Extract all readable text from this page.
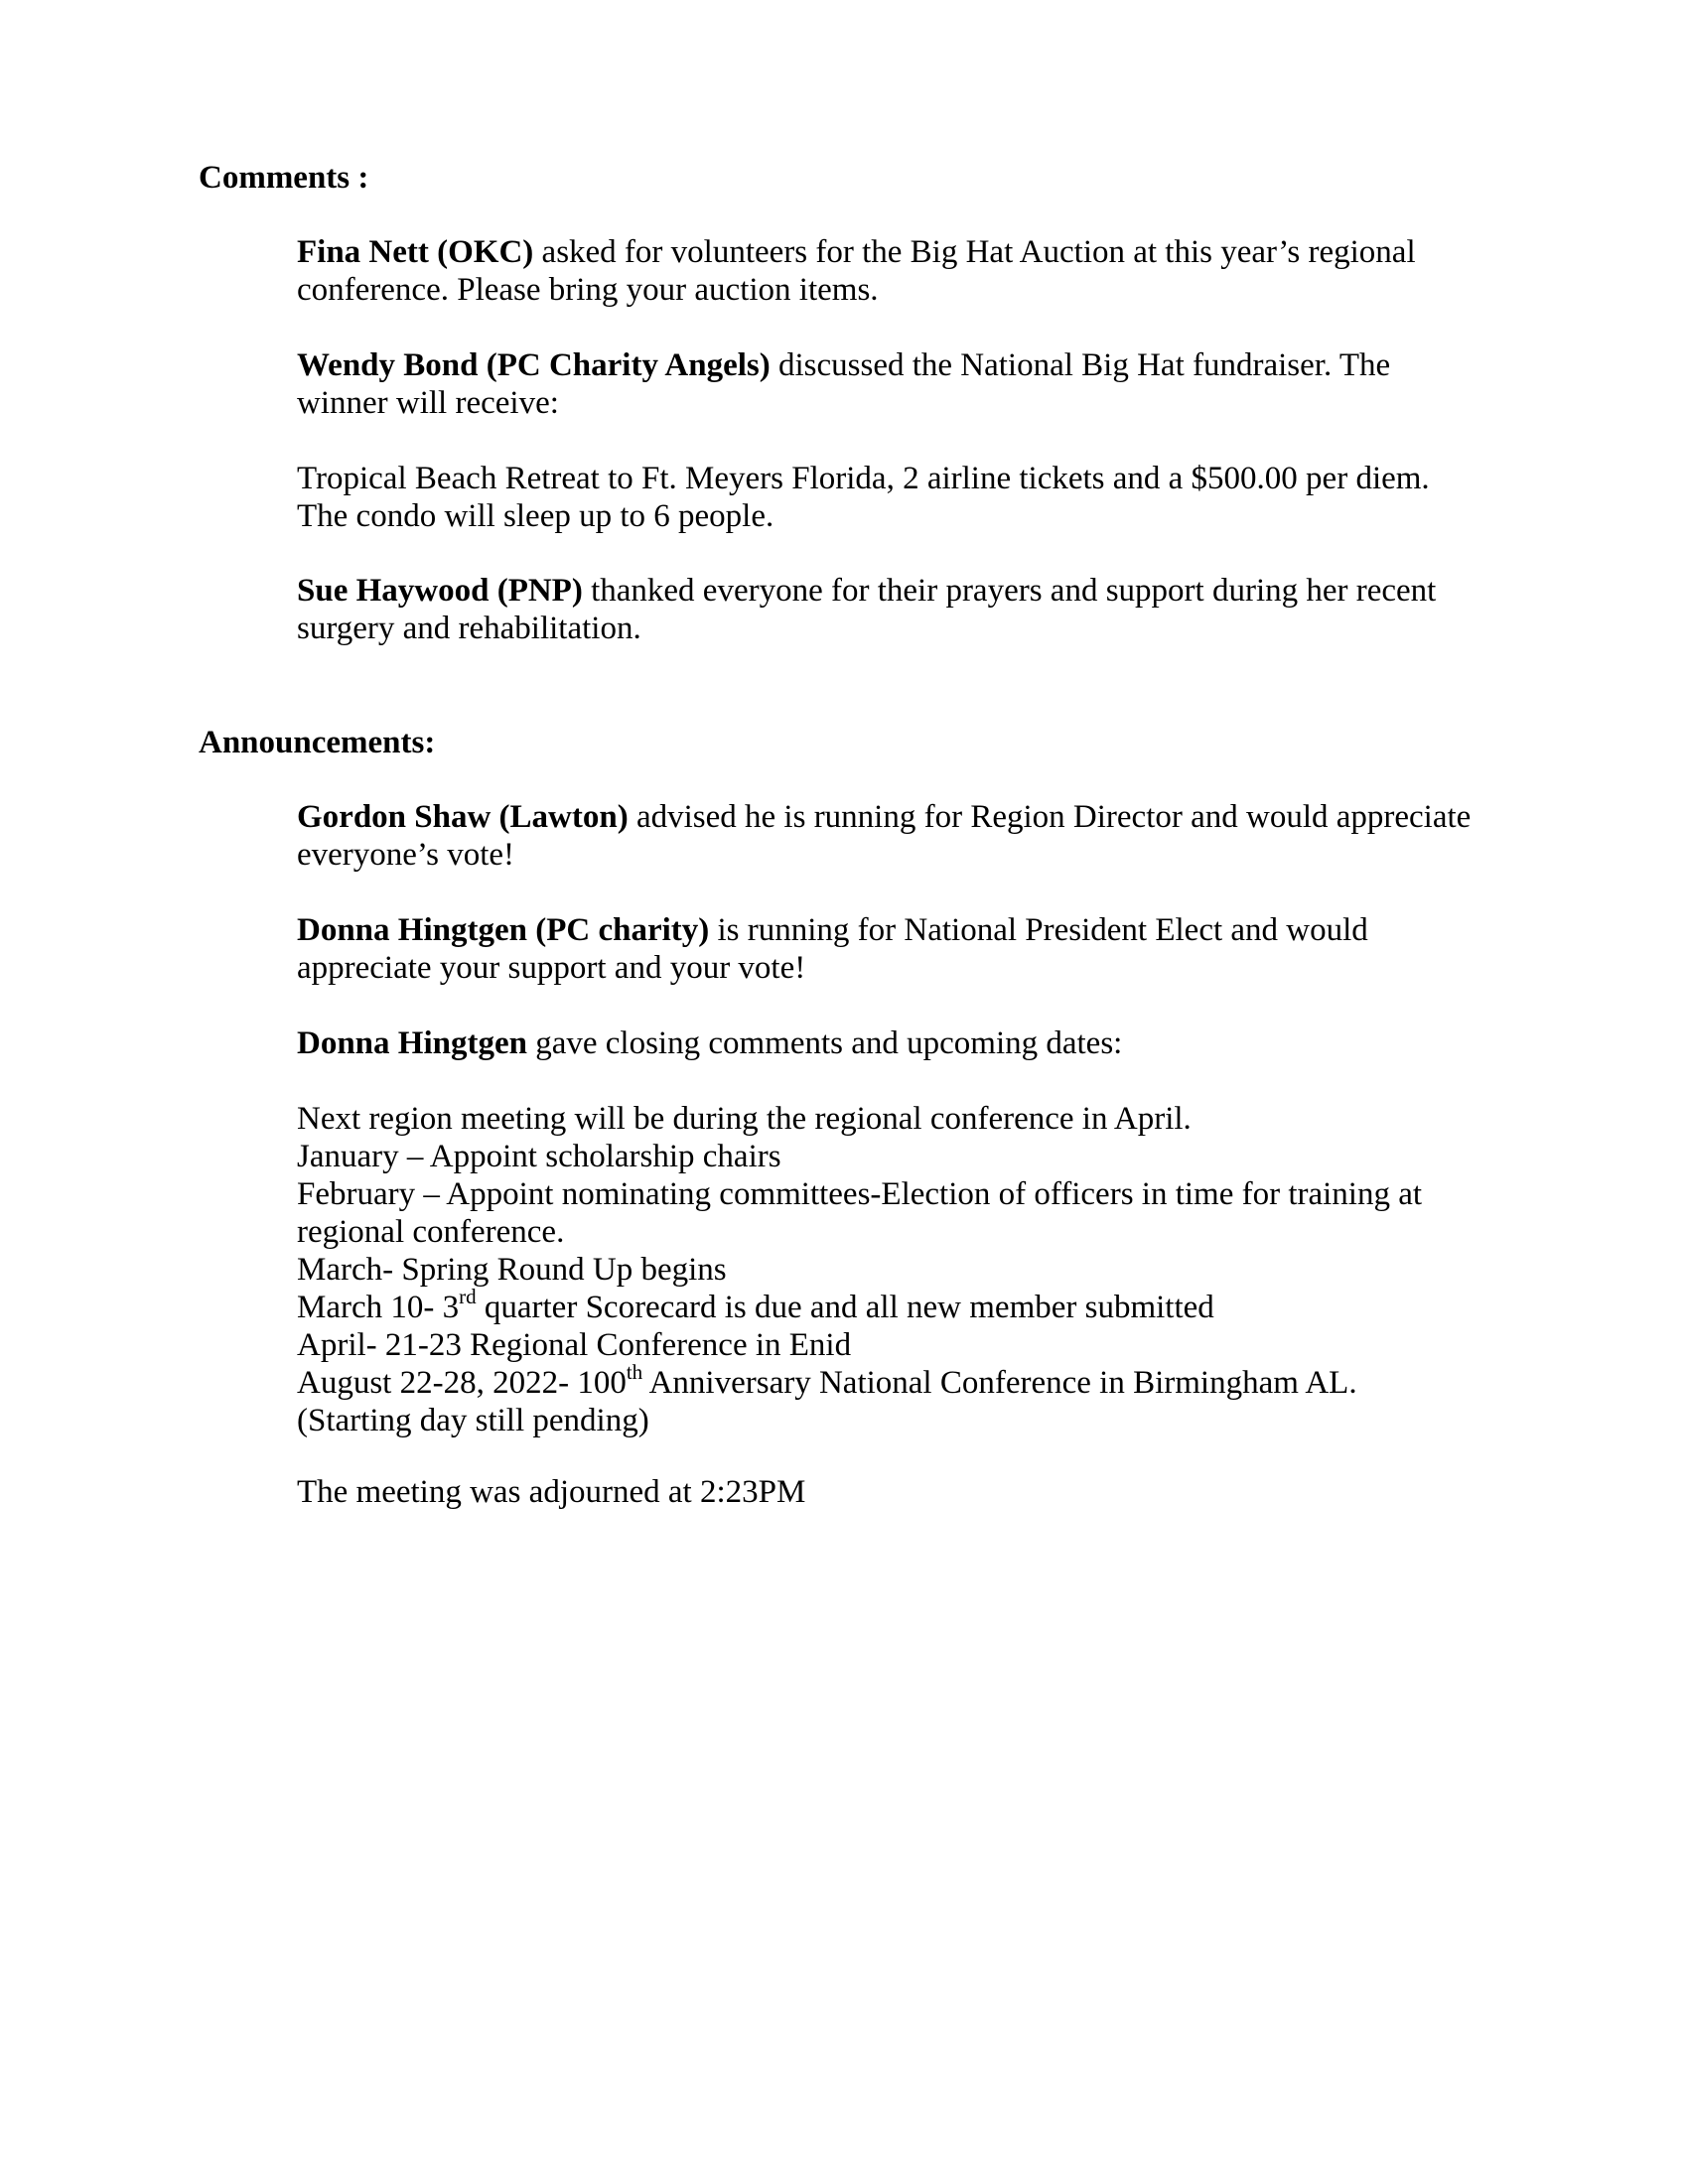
Comments :
Fina Nett (OKC) asked for volunteers for the Big Hat Auction at this year’s regional
conference. Please bring your auction items.
Wendy Bond (PC Charity Angels) discussed the National Big Hat fundraiser. The
winner will receive:
Tropical Beach Retreat to Ft. Meyers Florida, 2 airline tickets and a $500.00 per diem.
The condo will sleep up to 6 people.
Sue Haywood (PNP) thanked everyone for their prayers and support during her recent
surgery and rehabilitation.
Announcements:
Gordon Shaw (Lawton) advised he is running for Region Director and would appreciate
everyone’s vote!
Donna Hingtgen (PC charity) is running for National President Elect and would
appreciate your support and your vote!
Donna Hingtgen gave closing comments and upcoming dates:
Next region meeting will be during the regional conference in April.
January – Appoint scholarship chairs
February – Appoint nominating committees-Election of officers in time for training at
regional conference.
March- Spring Round Up begins
March 10- 3rd quarter Scorecard is due and all new member submitted
April- 21-23 Regional Conference in Enid
August 22-28, 2022- 100th Anniversary National Conference in Birmingham AL.
(Starting day still pending)
The meeting was adjourned at 2:23PM
